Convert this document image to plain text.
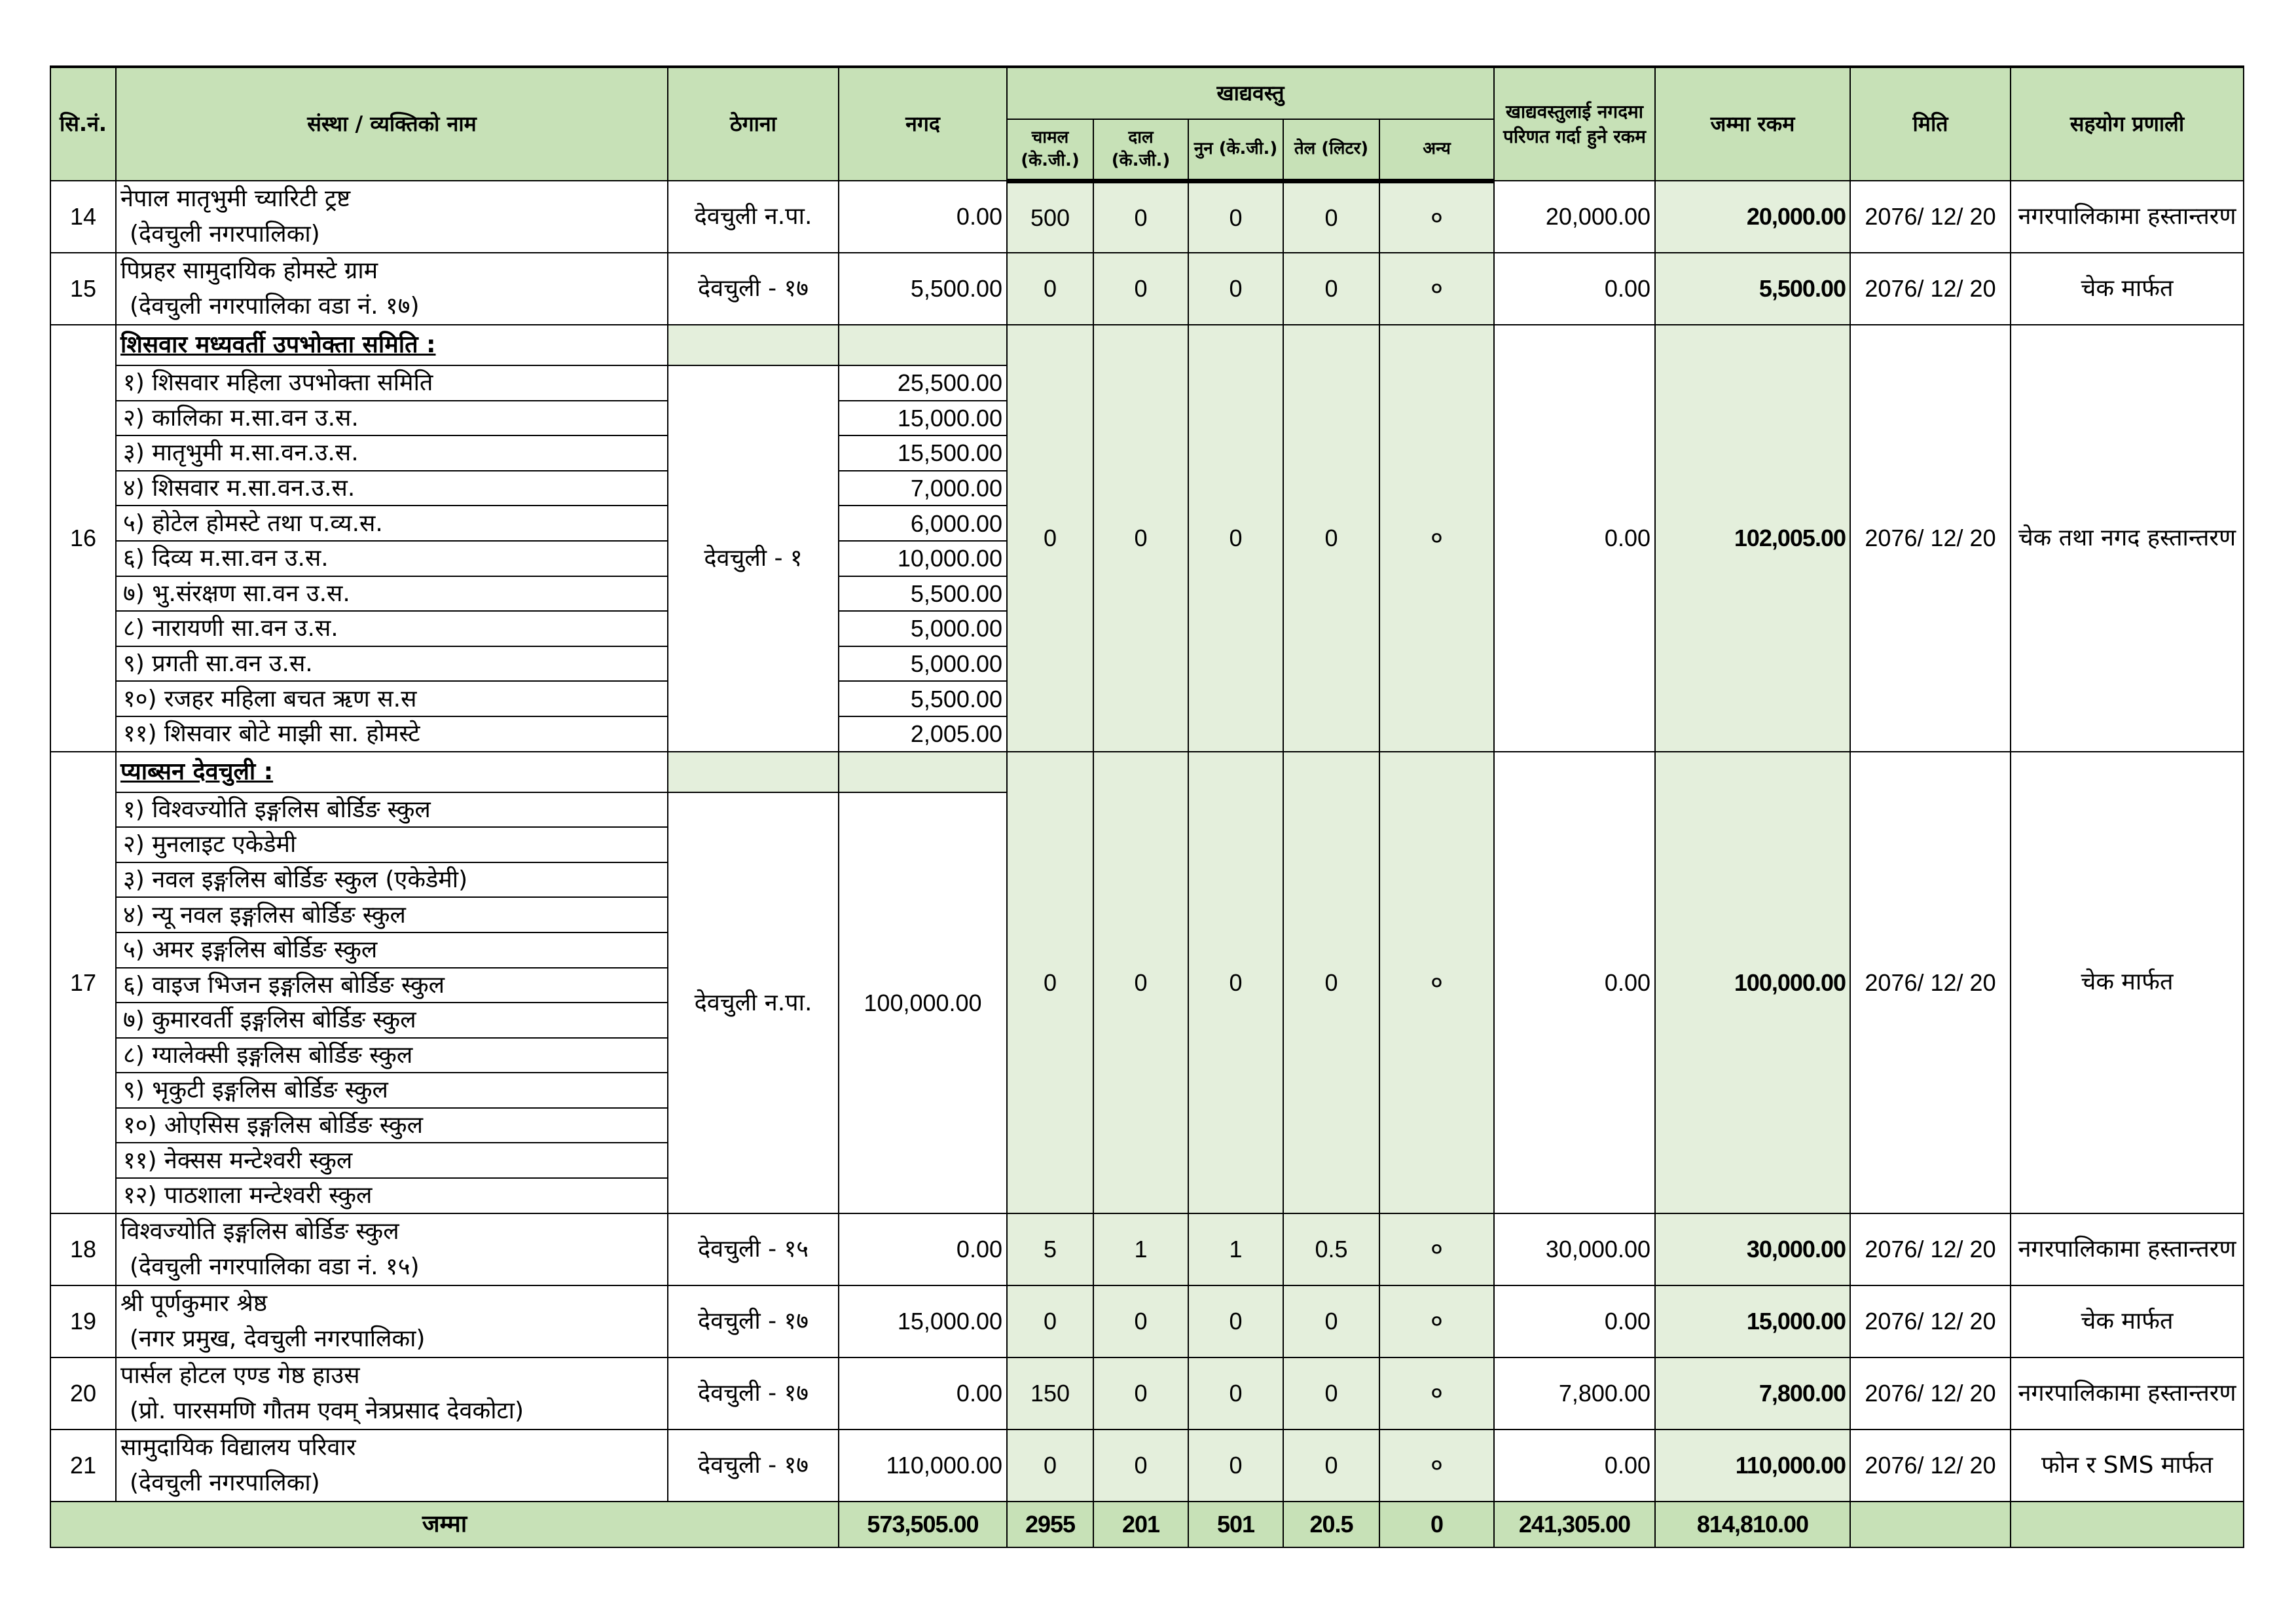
सि.नं.	संस्था / व्यक्तिको नाम	ठेगाना	नगद	खाद्यवस्तु					खाद्यवस्तुलाई नगदमा परिणत गर्दा हुने रकम	जम्मा रकम	मिति	सहयोग प्रणाली
				चामल (के.जी.)	दाल (के.जी.)	नुन (के.जी.)	तेल (लिटर)	अन्य				
14	नेपाल मातृभुमी च्यारिटी ट्रष्ट
(देवचुली नगरपालिका)	देवचुली न.पा.	0.00	500	0	0	0	०	20,000.00	20,000.00	2076/ 12/ 20	नगरपालिकामा हस्तान्तरण
15	पिप्रहर सामुदायिक होमस्टे ग्राम
(देवचुली नगरपालिका वडा नं. १७)	देवचुली - १७	5,500.00	0	0	0	0	०	0.00	5,500.00	2076/ 12/ 20	चेक मार्फत
16	शिसवार मध्यवर्ती उपभोक्ता समिति :			0	0	0	0	०	0.00	102,005.00	2076/ 12/ 20	चेक तथा नगद हस्तान्तरण
	१) शिसवार महिला उपभोक्ता समिति	देवचुली - १	25,500.00									
	२) कालिका म.सा.वन उ.स.		15,000.00									
	३) मातृभुमी म.सा.वन.उ.स.		15,500.00									
	४) शिसवार म.सा.वन.उ.स.		7,000.00									
	५) होटेल होमस्टे तथा प.व्य.स.		6,000.00									
	६) दिव्य म.सा.वन उ.स.		10,000.00									
	७) भु.संरक्षण सा.वन उ.स.		5,500.00									
	८) नारायणी सा.वन उ.स.		5,000.00									
	९) प्रगती सा.वन उ.स.		5,000.00									
	१०) रजहर महिला बचत ऋण स.स		5,500.00									
	११) शिसवार बोटे माझी सा. होमस्टे		2,005.00									
17	प्याब्सन देवचुली :			0	0	0	0	०	0.00	100,000.00	2076/ 12/ 20	चेक मार्फत
	१) विश्वज्योति इङ्गलिस बोर्डिङ स्कुल	देवचुली न.पा.	100,000.00									
	२) मुनलाइट एकेडेमी											
	३) नवल इङ्गलिस बोर्डिङ स्कुल (एकेडेमी)											
	४) न्यू नवल इङ्गलिस बोर्डिङ स्कुल											
	५) अमर इङ्गलिस बोर्डिङ स्कुल											
	६) वाइज भिजन इङ्गलिस बोर्डिङ स्कुल											
	७) कुमारवर्ती इङ्गलिस बोर्डिङ स्कुल											
	८) ग्यालेक्सी इङ्गलिस बोर्डिङ स्कुल											
	९) भृकुटी इङ्गलिस बोर्डिङ स्कुल											
	१०) ओएसिस इङ्गलिस बोर्डिङ स्कुल											
	११) नेक्सस मन्टेश्वरी स्कुल											
	१२) पाठशाला मन्टेश्वरी स्कुल											
18	विश्वज्योति इङ्गलिस बोर्डिङ स्कुल
(देवचुली नगरपालिका वडा नं. १५)	देवचुली - १५	0.00	5	1	1	0.5	०	30,000.00	30,000.00	2076/ 12/ 20	नगरपालिकामा हस्तान्तरण
19	श्री पूर्णकुमार श्रेष्ठ
(नगर प्रमुख, देवचुली नगरपालिका)	देवचुली - १७	15,000.00	0	0	0	0	०	0.00	15,000.00	2076/ 12/ 20	चेक मार्फत
20	पार्सल होटल एण्ड गेष्ठ हाउस
(प्रो. पारसमणि गौतम एवम् नेत्रप्रसाद देवकोटा)	देवचुली - १७	0.00	150	0	0	0	०	7,800.00	7,800.00	2076/ 12/ 20	नगरपालिकामा हस्तान्तरण
21	सामुदायिक विद्यालय परिवार
(देवचुली नगरपालिका)	देवचुली - १७	110,000.00	0	0	0	0	०	0.00	110,000.00	2076/ 12/ 20	फोन र SMS मार्फत
जम्मा			573,505.00	2955	201	501	20.5	0	241,305.00	814,810.00		
